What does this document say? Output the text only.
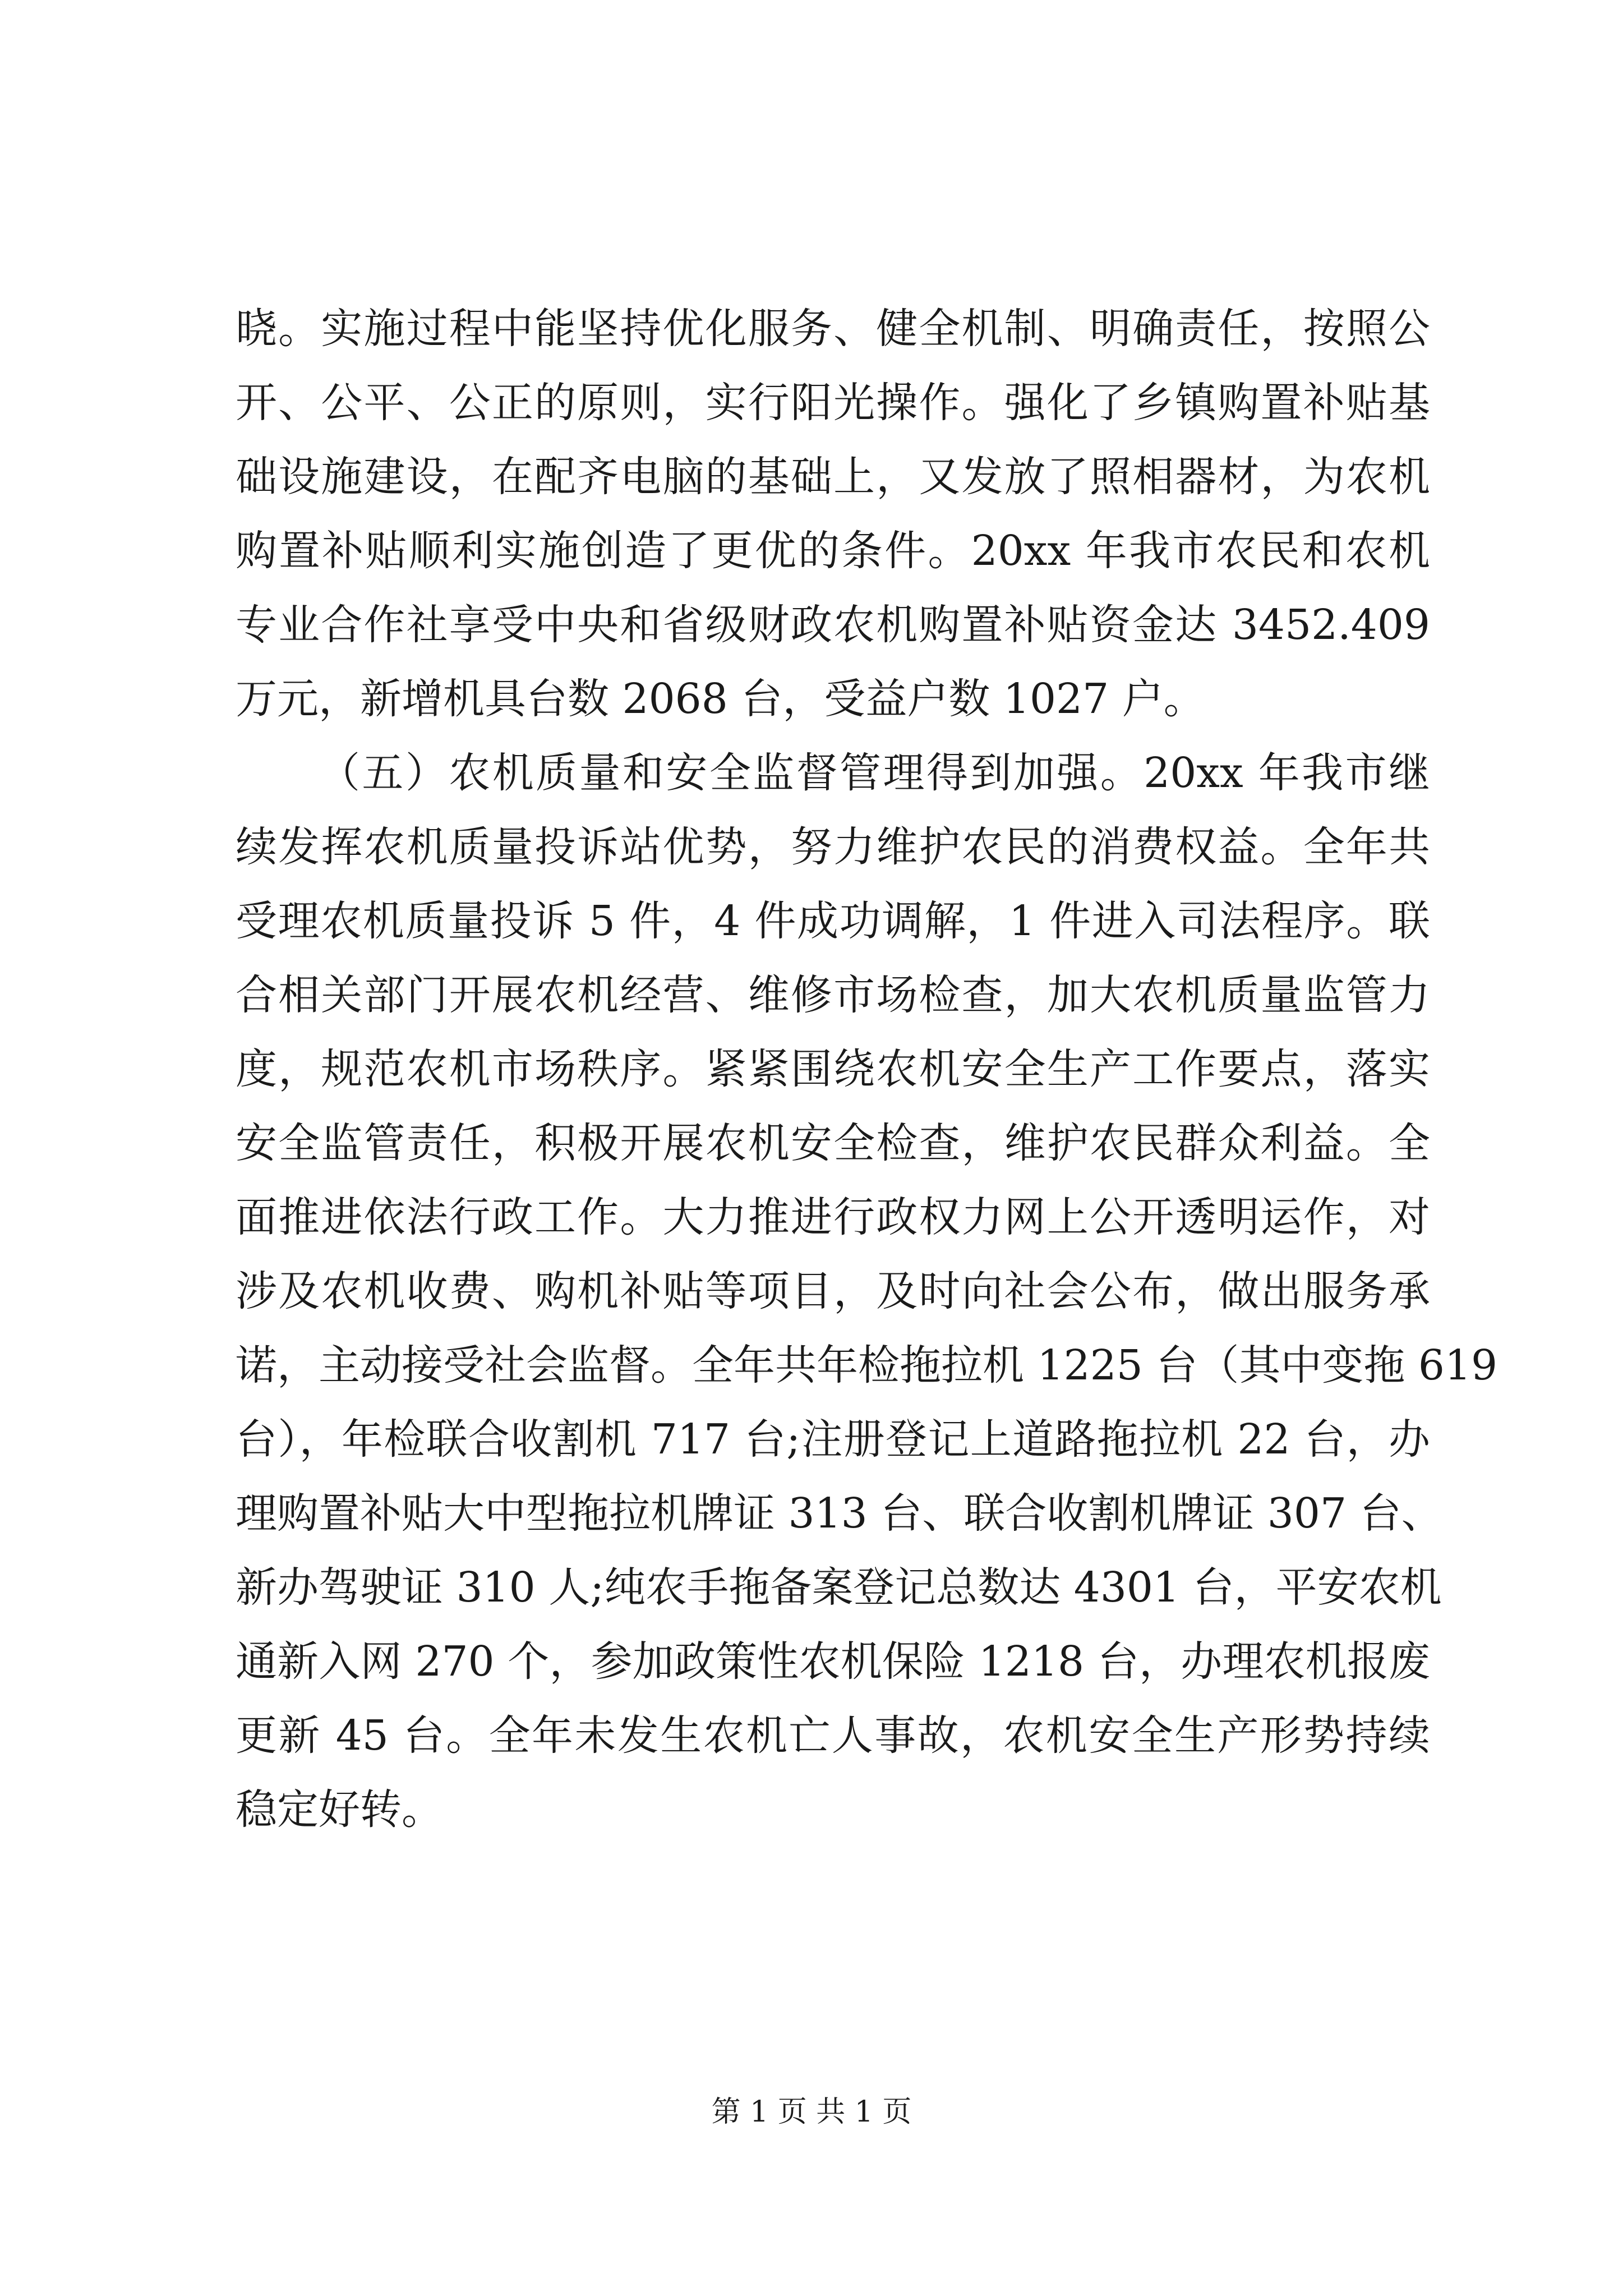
晓。实施过程中能坚持优化服务、健全机制、明确责任，按照公
开、公平、公正的原则，实行阳光操作。强化了乡镇购置补贴基
础设施建设，在配齐电脑的基础上，又发放了照相器材，为农机
购置补贴顺利实施创造了更优的条件。20xx 年我市农民和农机
专业合作社享受中央和省级财政农机购置补贴资金达 3452.409
万元，新增机具台数 2068 台，受益户数 1027 户。
（五）农机质量和安全监督管理得到加强。20xx 年我市继
续发挥农机质量投诉站优势，努力维护农民的消费权益。全年共
受理农机质量投诉 5 件，4 件成功调解，1 件进入司法程序。联
合相关部门开展农机经营、维修市场检查，加大农机质量监管力
度，规范农机市场秩序。紧紧围绕农机安全生产工作要点，落实
安全监管责任，积极开展农机安全检查，维护农民群众利益。全
面推进依法行政工作。大力推进行政权力网上公开透明运作，对
涉及农机收费、购机补贴等项目，及时向社会公布，做出服务承
诺，主动接受社会监督。全年共年检拖拉机 1225 台（其中变拖 619
台），年检联合收割机 717 台;注册登记上道路拖拉机 22 台，办
理购置补贴大中型拖拉机牌证 313 台、联合收割机牌证 307 台、
新办驾驶证 310 人;纯农手拖备案登记总数达 4301 台，平安农机
通新入网 270 个，参加政策性农机保险 1218 台，办理农机报废
更新 45 台。全年未发生农机亡人事故，农机安全生产形势持续
稳定好转。
第 1 页 共 1 页
